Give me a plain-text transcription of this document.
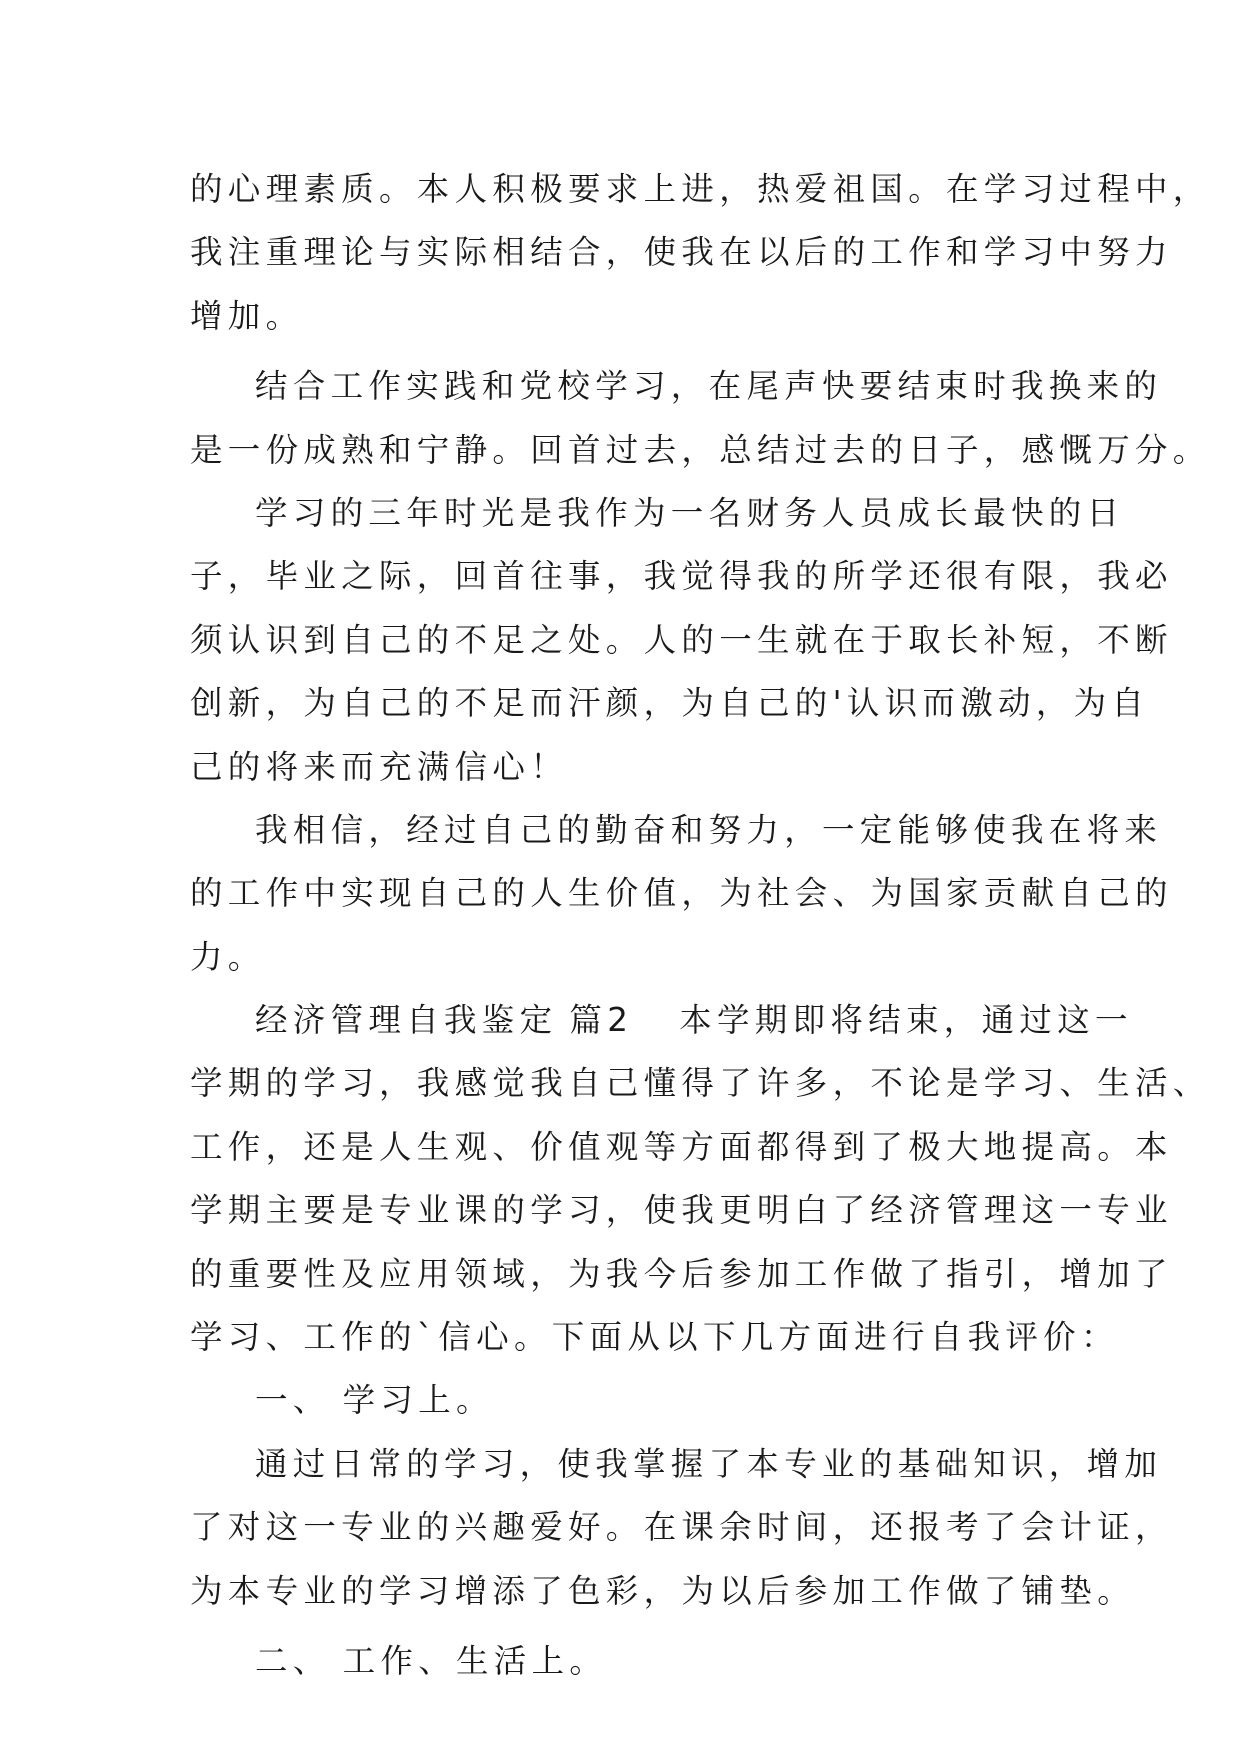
的心理素质。本人积极要求上进，热爱祖国。在学习过程中，
我注重理论与实际相结合，使我在以后的工作和学习中努力
增加。
结合工作实践和党校学习，在尾声快要结束时我换来的
是一份成熟和宁静。回首过去，总结过去的日子，感慨万分。
学习的三年时光是我作为一名财务人员成长最快的日
子，毕业之际，回首往事，我觉得我的所学还很有限，我必
须认识到自己的不足之处。人的一生就在于取长补短，不断
创新，为自己的不足而汗颜，为自己的'认识而激动，为自
己的将来而充满信心！
我相信，经过自己的勤奋和努力，一定能够使我在将来
的工作中实现自己的人生价值，为社会、为国家贡献自己的
力。
经济管理自我鉴定 篇2 本学期即将结束，通过这一
学期的学习，我感觉我自己懂得了许多，不论是学习、生活、
工作，还是人生观、价值观等方面都得到了极大地提高。本
学期主要是专业课的学习，使我更明白了经济管理这一专业
的重要性及应用领域，为我今后参加工作做了指引，增加了
学习、工作的`信心。下面从以下几方面进行自我评价：
一、 学习上。
通过日常的学习，使我掌握了本专业的基础知识，增加
了对这一专业的兴趣爱好。在课余时间，还报考了会计证，
为本专业的学习增添了色彩，为以后参加工作做了铺垫。
二、 工作、生活上。
